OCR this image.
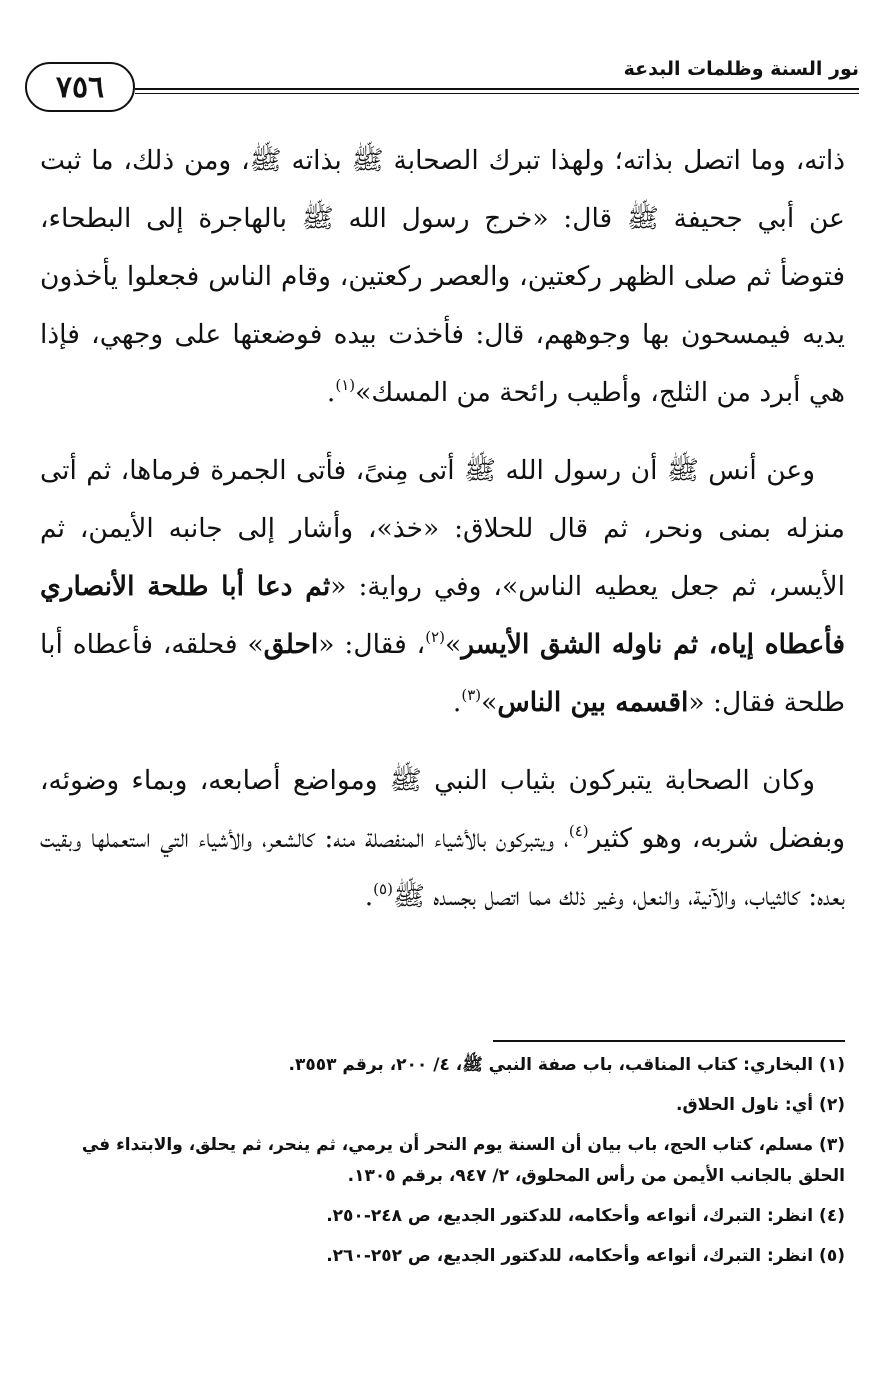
٧٥٦
نور السنة وظلمات البدعة

ذاته، وما اتصل بذاته؛ ولهذا تبرك الصحابة ﷺ بذاته ﷺ، ومن ذلك، ما ثبت عن أبي جحيفة ﷺ قال: «خرج رسول الله ﷺ بالهاجرة إلى البطحاء، فتوضأ ثم صلى الظهر ركعتين، والعصر ركعتين، وقام الناس فجعلوا يأخذون يديه فيمسحون بها وجوههم، قال: فأخذت بيده فوضعتها على وجهي، فإذا هي أبرد من الثلج، وأطيب رائحة من المسك»$^{(١)}$.

وعن أنس ﷺ أن رسول الله ﷺ أتى مِنىً، فأتى الجمرة فرماها، ثم أتى منزله بمنى ونحر، ثم قال للحلاق: «خذ»، وأشار إلى جانبه الأيمن، ثم الأيسر، ثم جعل يعطيه الناس»، وفي رواية: «ثم دعا أبا طلحة الأنصاري فأعطاه إياه، ثم ناوله الشق الأيسر»$^{(٢)}$، فقال: «احلق» فحلقه، فأعطاه أبا طلحة فقال: «اقسمه بين الناس»$^{(٣)}$.

وكان الصحابة يتبركون بثياب النبي ﷺ ومواضع أصابعه، وبماء وضوئه، وبفضل شربه، وهو كثير$^{(٤)}$، ويتبركون بالأشياء المنفصلة منه: كالشعر، والأشياء التي استعملها وبقيت بعده: كالثياب، والآنية، والنعل، وغير ذلك مما اتصل بجسده ﷺ$^{(٥)}$.

(١) البخاري: كتاب المناقب، باب صفة النبي ﷺ، ٤/ ٢٠٠، برقم ٣٥٥٣.

(٢) أي: ناول الحلاق.

(٣) مسلم، كتاب الحج، باب بيان أن السنة يوم النحر أن يرمي، ثم ينحر، ثم يحلق، والابتداء في الحلق بالجانب الأيمن من رأس المحلوق، ٢/ ٩٤٧، برقم ١٣٠٥.

(٤) انظر: التبرك، أنواعه وأحكامه، للدكتور الجديع، ص ٢٤٨-٢٥٠.

(٥) انظر: التبرك، أنواعه وأحكامه، للدكتور الجديع، ص ٢٥٢-٢٦٠.
